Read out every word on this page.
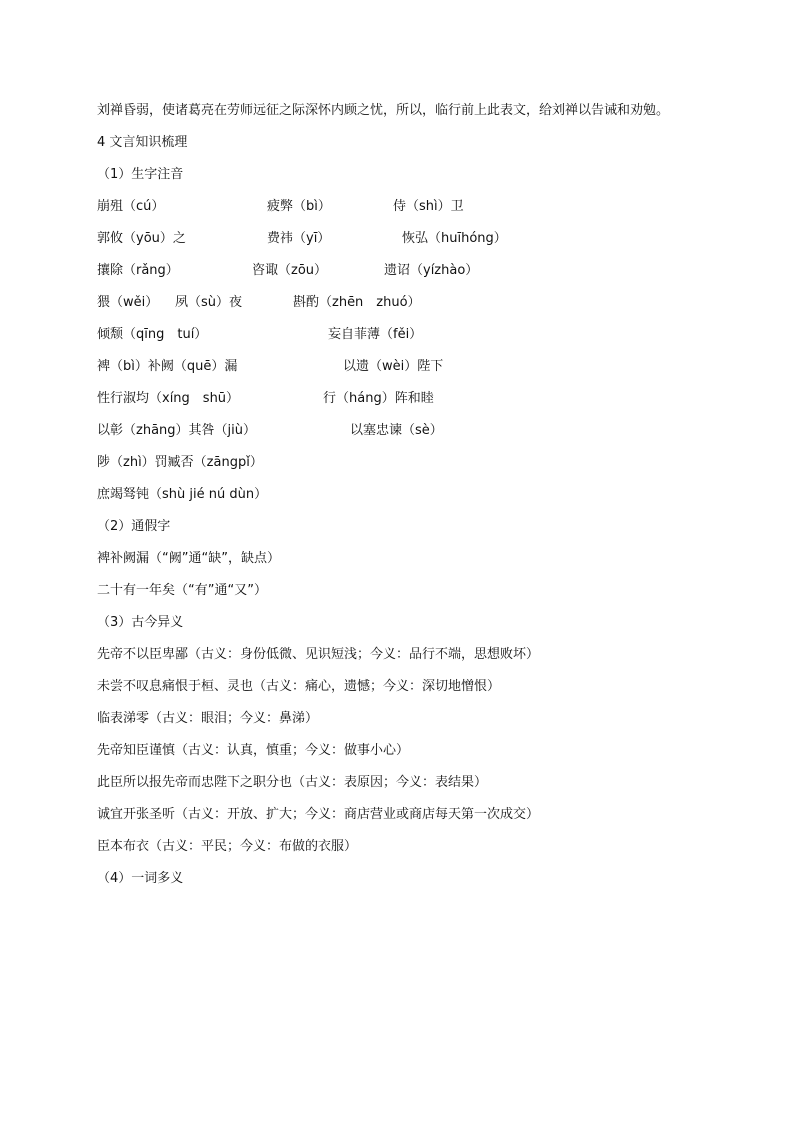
刘禅昏弱，使诸葛亮在劳师远征之际深怀内顾之忧，所以，临行前上此表文，给刘禅以告诫和劝勉。
4 文言知识梳理
（1）生字注音
崩殂（cú）	疲弊（bì）	侍（shì）卫
郭攸（yōu）之	费祎（yī）	恢弘（huīhóng）
攘除（rǎng）	咨诹（zōu）	遗诏（yízhào）
猥（wěi） 夙（sù）夜	斟酌（zhēn　zhuó）
倾颓（qīng　tuí）	妄自菲薄（fěi）
裨（bì）补阙（quē）漏	以遗（wèi）陛下
性行淑均（xíng　shū）	行（háng）阵和睦
以彰（zhāng）其咎（jiù）	以塞忠谏（sè）
陟（zhì）罚臧否（zāngpǐ）
庶竭驽钝（shù jié nú dùn）
（2）通假字
裨补阙漏（“阙”通“缺”，缺点）
二十有一年矣（“有”通“又”）
（3）古今异义
先帝不以臣卑鄙（古义：身份低微、见识短浅；今义：品行不端，思想败坏）
未尝不叹息痛恨于桓、灵也（古义：痛心，遗憾；今义：深切地憎恨）
临表涕零（古义：眼泪；今义：鼻涕）
先帝知臣谨慎（古义：认真，慎重；今义：做事小心）
此臣所以报先帝而忠陛下之职分也（古义：表原因；今义：表结果）
诚宜开张圣听（古义：开放、扩大；今义：商店营业或商店每天第一次成交）
臣本布衣（古义：平民；今义：布做的衣服）
（4）一词多义
